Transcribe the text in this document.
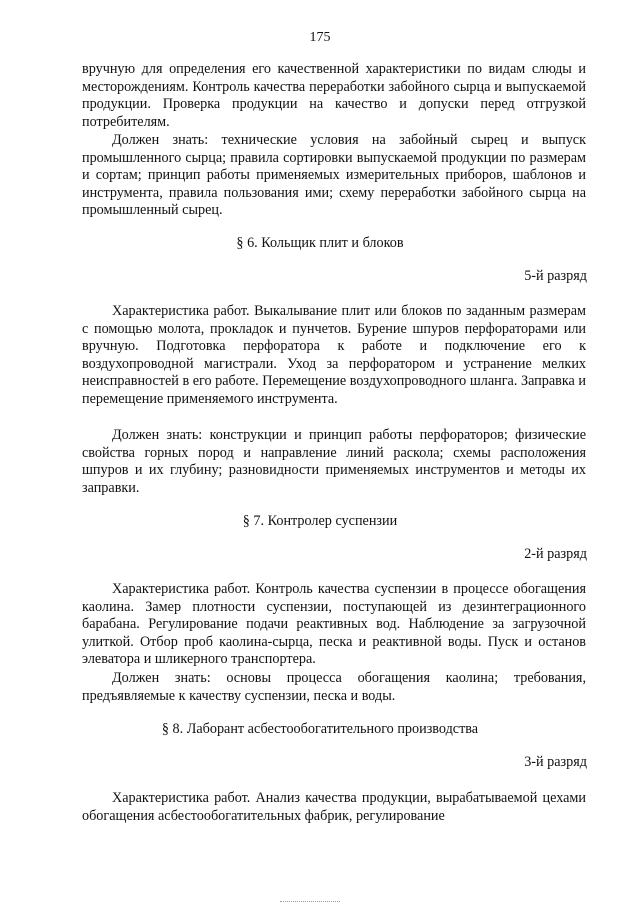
175

вручную для определения его качественной характеристики по видам слюды и месторождениям. Контроль качества переработки забойного сырца и выпускаемой продукции. Проверка продукции на качество и допуски перед отгрузкой потребителям.

Должен знать: технические условия на забойный сырец и выпуск промышленного сырца; правила сортировки выпускаемой продукции по размерам и сортам; принцип работы применяемых измерительных приборов, шаблонов и инструмента, правила пользования ими; схему переработки забойного сырца на промышленный сырец.

§ 6. Кольщик плит и блоков
5-й разряд

Характеристика работ. Выкалывание плит или блоков по заданным размерам с помощью молота, прокладок и пунчетов. Бурение шпуров перфораторами или вручную. Подготовка перфоратора к работе и подключение его к воздухопроводной магистрали. Уход за перфоратором и устранение мелких неисправностей в его работе. Перемещение воздухопроводного шланга. Заправка и перемещение применяемого инструмента.

Должен знать: конструкции и принцип работы перфораторов; физические свойства горных пород и направление линий раскола; схемы расположения шпуров и их глубину; разновидности применяемых инструментов и методы их заправки.

§ 7. Контролер суспензии
2-й разряд

Характеристика работ. Контроль качества суспензии в процессе обогащения каолина. Замер плотности суспензии, поступающей из дезинтеграционного барабана. Регулирование подачи реактивных вод. Наблюдение за загрузочной улиткой. Отбор проб каолина-сырца, песка и реактивной воды. Пуск и останов элеватора и шликерного транспортера.

Должен знать: основы процесса обогащения каолина; требования, предъявляемые к качеству суспензии, песка и воды.

§ 8. Лаборант асбестообогатительного производства
3-й разряд

Характеристика работ. Анализ качества продукции, вырабатываемой цехами обогащения асбестообогатительных фабрик, регулирование
